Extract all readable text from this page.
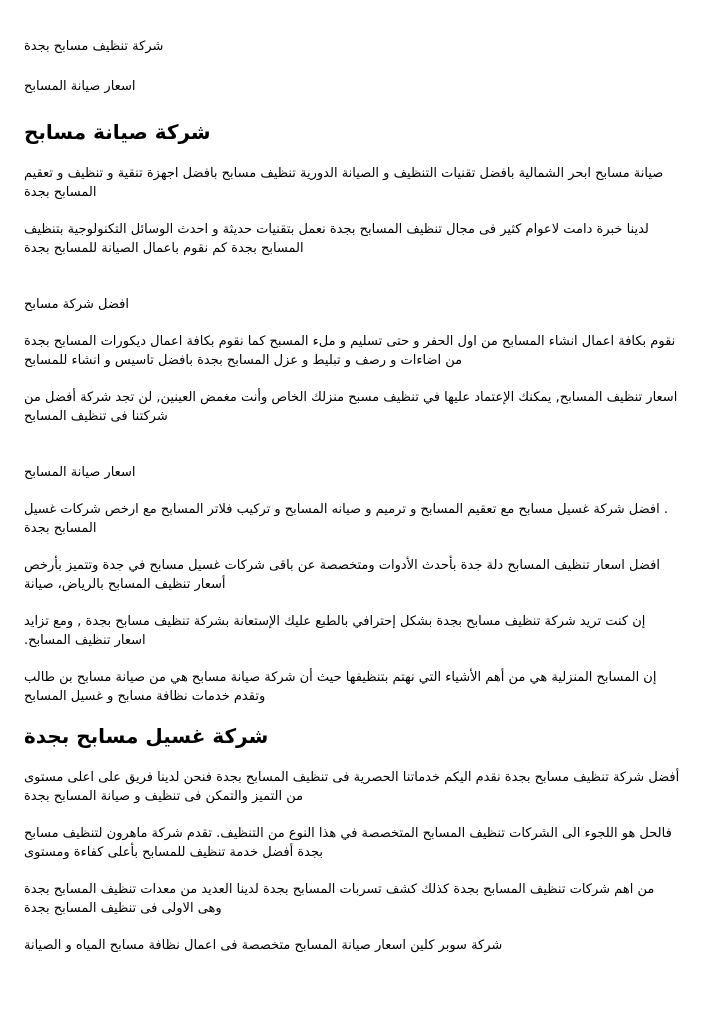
شركة تنظيف مسابح بجدة

اسعار صيانة المسابح

شركة صيانة مسابح

صيانة مسابح ابحر الشمالية بافضل تقنيات التنظيف و الصيانة الدورية تنظيف مسابح بافضل اجهزة تنقية و تنظيف و تعقيم المسابح بجدة

لدينا خبرة دامت لاعوام كثير فى مجال تنظيف المسابح بجدة نعمل بتقنيات حديثة و احدث الوسائل التكنولوجية بتنظيف المسابح بجدة كم نقوم باعمال الصيانة للمسابح بجدة

افضل شركة مسابح

نقوم بكافة اعمال انشاء المسابح من اول الحفر و حتى تسليم و ملء المسبح كما نقوم بكافة اعمال ديكورات المسابح بجدة من اضاءات و رصف و تبليط و عزل المسابح بجدة بافضل تاسيس و انشاء للمسابح

اسعار تنظيف المسابح, يمكنك الإعتماد عليها في تنظيف مسبح منزلك الخاص وأنت مغمض العينين, لن تجد شركة أفضل من شركتنا فى تنظيف المسابح

اسعار صيانة المسابح

. افضل شركة غسيل مسابح مع تعقيم المسابح و ترميم و صيانه المسابح و تركيب فلاتر المسابح مع ارخص شركات غسيل المسابح بجدة

افضل اسعار تنظيف المسابح دلة جدة بأحدث الأدوات ومتخصصة عن باقى شركات غسيل مسابح في جدة وتتميز بأرخص أسعار تنظيف المسابح بالرياض، صيانة

إن كنت تريد شركة تنظيف مسابح بجدة بشكل إحترافي بالطبع عليك الإستعانة بشركة تنظيف مسابح بجدة , ومع تزايد اسعار تنظيف المسابح.

إن المسابح المنزلية هي من أهم الأشياء التي نهتم بتنظيفها حيث أن شركة صيانة مسابح هي من صيانة مسابح بن طالب وتقدم خدمات نظافة مسابح و غسيل المسابح

شركة غسيل مسابح بجدة

أفضل شركة تنظيف مسابح بجدة نقدم اليكم خدماتنا الحصرية فى تنظيف المسابح بجدة فنحن لدينا فريق على اعلى مستوى من التميز والتمكن فى تنظيف و صيانة المسابح بجدة

فالحل هو اللجوء الى الشركات تنظيف المسابح المتخصصة في هذا النوع من التنظيف. تقدم شركة ماهرون لتنظيف مسابح بجدة أفضل خدمة تنظيف للمسابح بأعلى كفاءة ومستوى

من اهم شركات تنظيف المسابح بجدة كذلك كشف تسربات المسابح بجدة لدينا العديد من معدات تنظيف المسابح بجدة وهى الاولى فى تنظيف المسابح بجدة

شركة سوبر كلين اسعار صيانة المسابح متخصصة فى اعمال نظافة مسابح المياه و الصيانة
